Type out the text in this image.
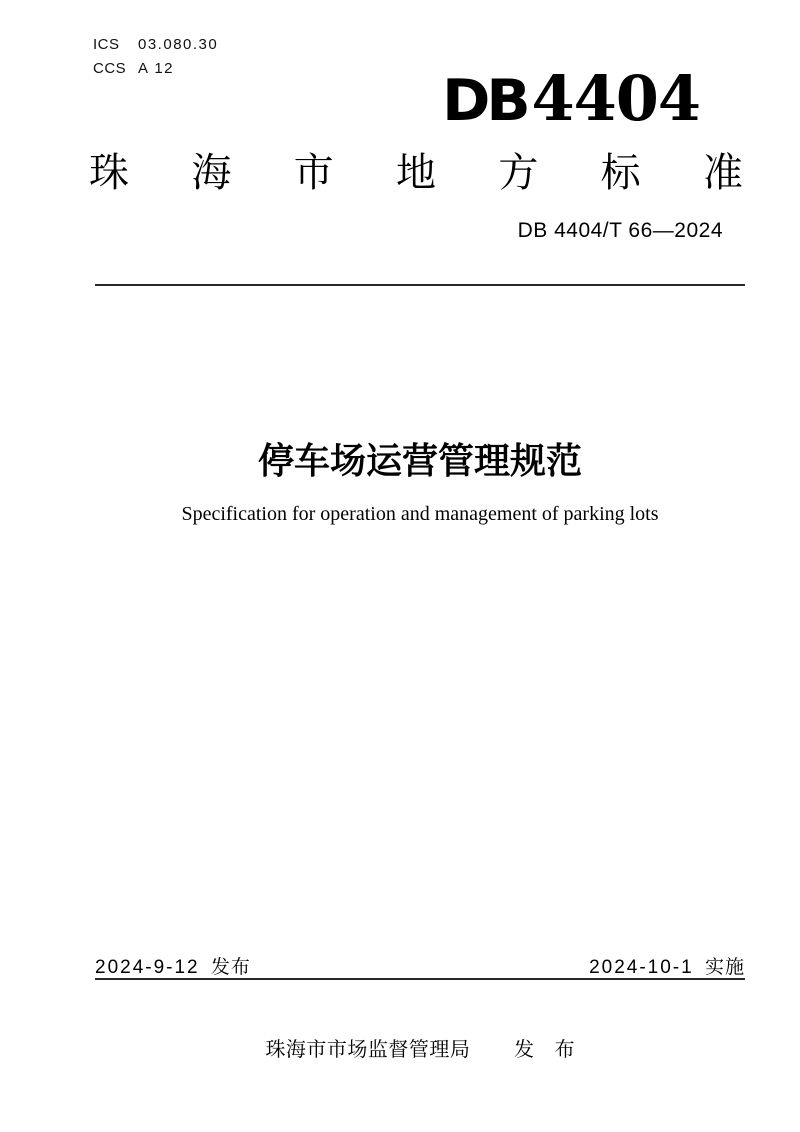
ICS	03.080.30
CCS A 12	DB 4404
珠 海 市 地 方 标 准
DB 4404/T 66—2024
停车场运营管理规范
Specification for operation and management of parking lots
2024-9-12 发布	2024-10-1 实施
珠海市市场监督管理局 发 布
